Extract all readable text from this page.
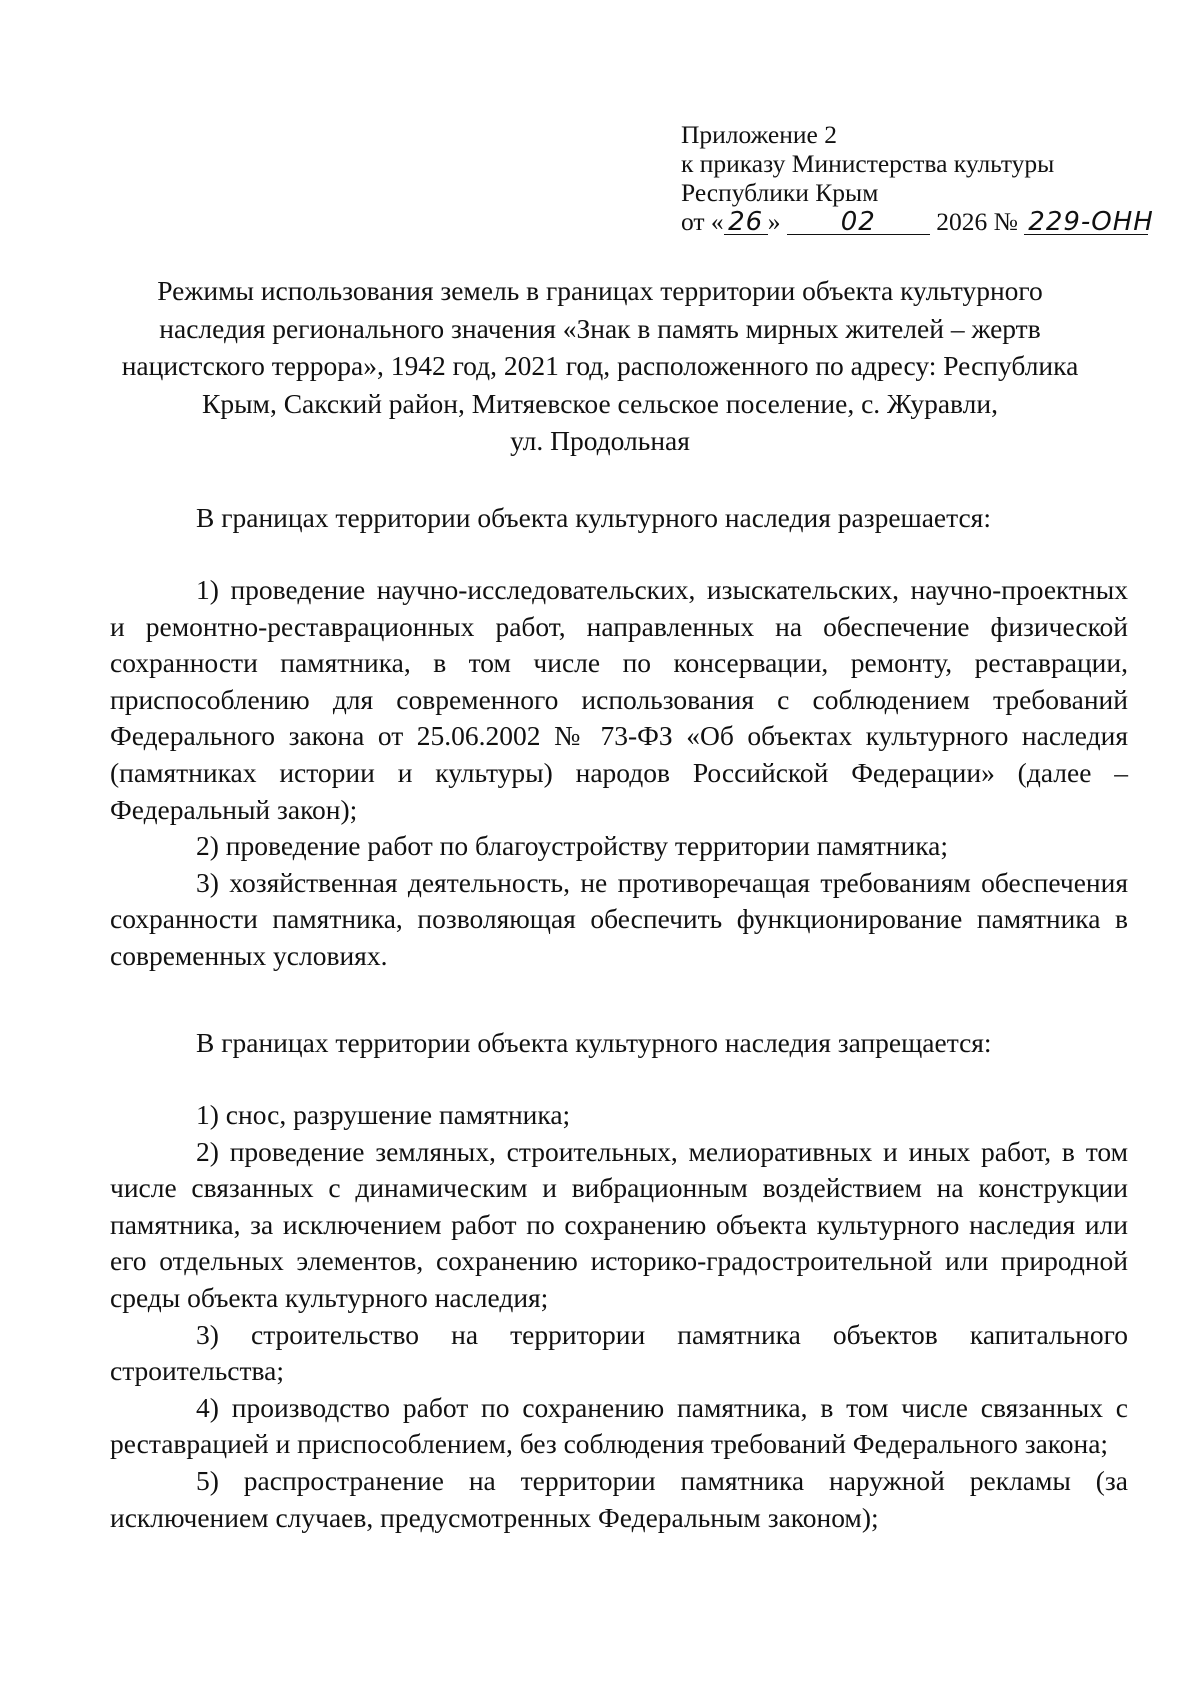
Приложение 2
к приказу Министерства культуры
Республики Крым
от « 26 » 02 2026 № 229-ОНН
Режимы использования земель в границах территории объекта культурного
наследия регионального значения «Знак в память мирных жителей – жертв
нацистского террора», 1942 год, 2021 год, расположенного по адресу: Республика
Крым, Сакский район, Митяевское сельское поселение, с. Журавли,
ул. Продольная
В границах территории объекта культурного наследия разрешается:
1) проведение научно-исследовательских, изыскательских, научно-проектных и ремонтно-реставрационных работ, направленных на обеспечение физической сохранности памятника, в том числе по консервации, ремонту, реставрации, приспособлению для современного использования с соблюдением требований Федерального закона от 25.06.2002 № 73-ФЗ «Об объектах культурного наследия (памятниках истории и культуры) народов Российской Федерации» (далее – Федеральный закон);
2) проведение работ по благоустройству территории памятника;
3) хозяйственная деятельность, не противоречащая требованиям обеспечения сохранности памятника, позволяющая обеспечить функционирование памятника в современных условиях.
В границах территории объекта культурного наследия запрещается:
1) снос, разрушение памятника;
2) проведение земляных, строительных, мелиоративных и иных работ, в том числе связанных с динамическим и вибрационным воздействием на конструкции памятника, за исключением работ по сохранению объекта культурного наследия или его отдельных элементов, сохранению историко-градостроительной или природной среды объекта культурного наследия;
3) строительство на территории памятника объектов капитального строительства;
4) производство работ по сохранению памятника, в том числе связанных с реставрацией и приспособлением, без соблюдения требований Федерального закона;
5) распространение на территории памятника наружной рекламы (за исключением случаев, предусмотренных Федеральным законом);
